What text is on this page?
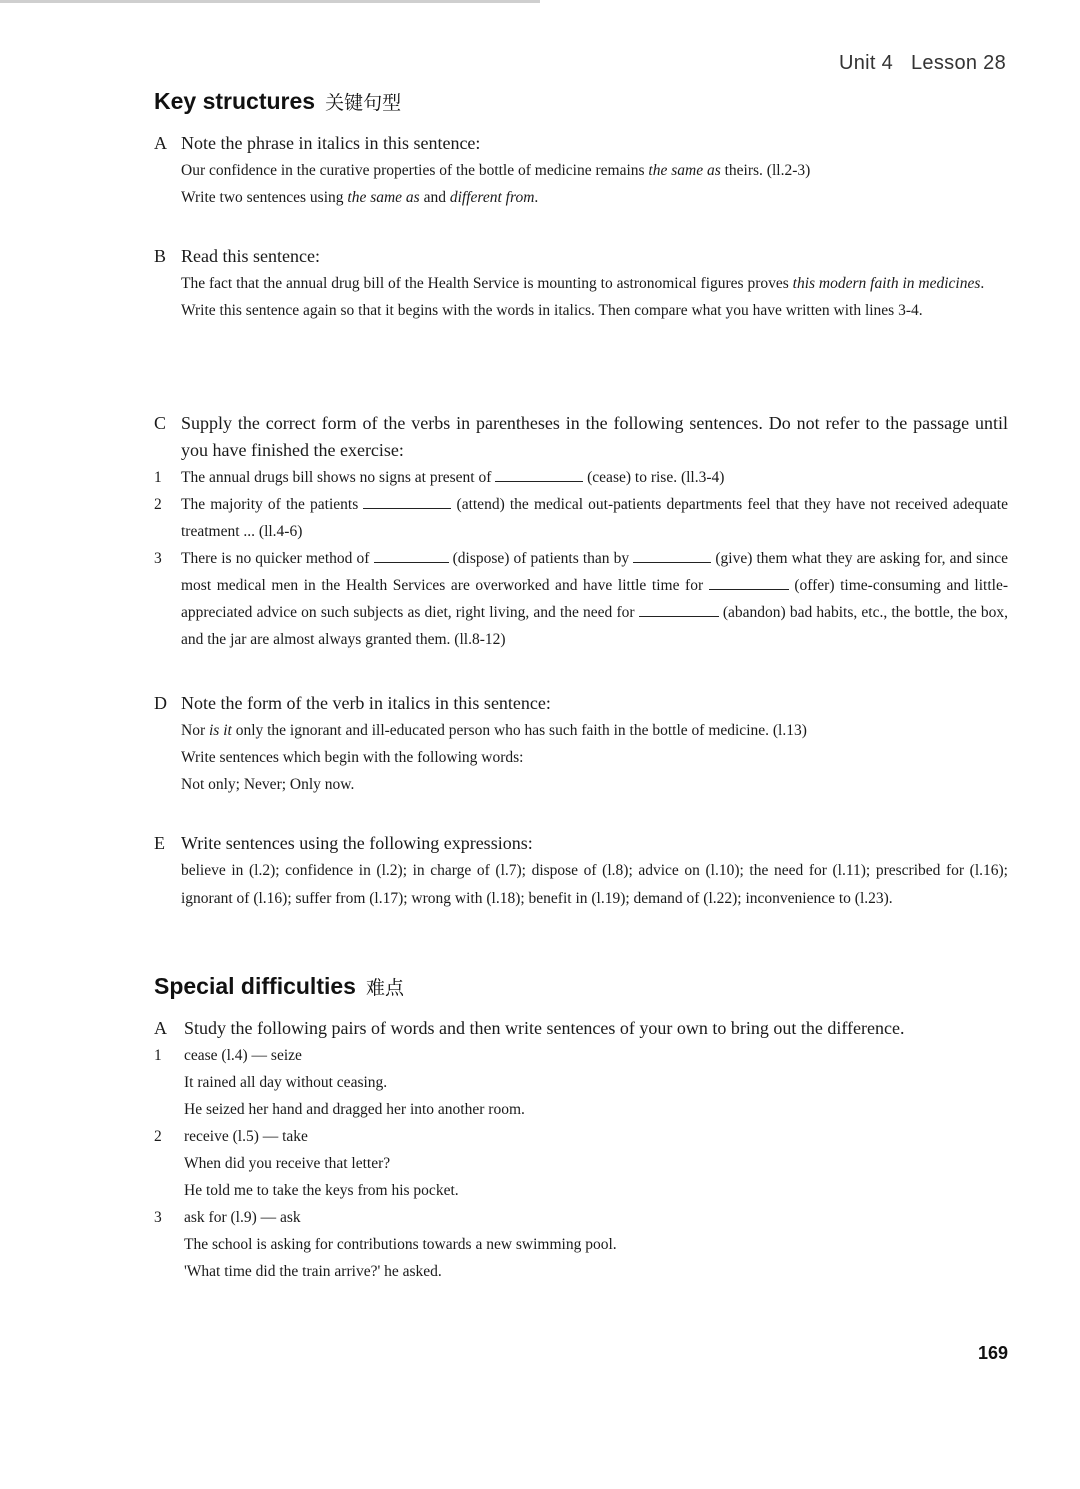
Unit 4 Lesson 28
Key structures 关键句型
A Note the phrase in italics in this sentence:
Our confidence in the curative properties of the bottle of medicine remains the same as theirs. (ll.2-3)
Write two sentences using the same as and different from.
B Read this sentence:
The fact that the annual drug bill of the Health Service is mounting to astronomical figures proves this modern faith in medicines.
Write this sentence again so that it begins with the words in italics. Then compare what you have written with lines 3-4.
C Supply the correct form of the verbs in parentheses in the following sentences. Do not refer to the passage until you have finished the exercise:
1 The annual drugs bill shows no signs at present of	(cease) to rise. (ll.3-4)
2 The majority of the patients	(attend) the medical out-patients departments feel that they have not received adequate treatment ... (ll.4-6)
3 There is no quicker method of	(dispose) of patients than by	(give) them what they are asking for, and since most medical men in the Health Services are overworked and have little time for	(offer) time-consuming and little-appreciated advice on such subjects as diet, right living, and the need for	(abandon) bad habits, etc., the bottle, the box, and the jar are almost always granted them. (ll.8-12)
D Note the form of the verb in italics in this sentence:
Nor is it only the ignorant and ill-educated person who has such faith in the bottle of medicine. (l.13)
Write sentences which begin with the following words:
Not only; Never; Only now.
E Write sentences using the following expressions:
believe in (l.2); confidence in (l.2); in charge of (l.7); dispose of (l.8); advice on (l.10); the need for (l.11); prescribed for (l.16); ignorant of (l.16); suffer from (l.17); wrong with (l.18); benefit in (l.19); demand of (l.22); inconvenience to (l.23).
Special difficulties 难点
A Study the following pairs of words and then write sentences of your own to bring out the difference.
1 cease (l.4) — seize
It rained all day without ceasing.
He seized her hand and dragged her into another room.
2 receive (l.5) — take
When did you receive that letter?
He told me to take the keys from his pocket.
3 ask for (l.9) — ask
The school is asking for contributions towards a new swimming pool.
'What time did the train arrive?' he asked.
169
